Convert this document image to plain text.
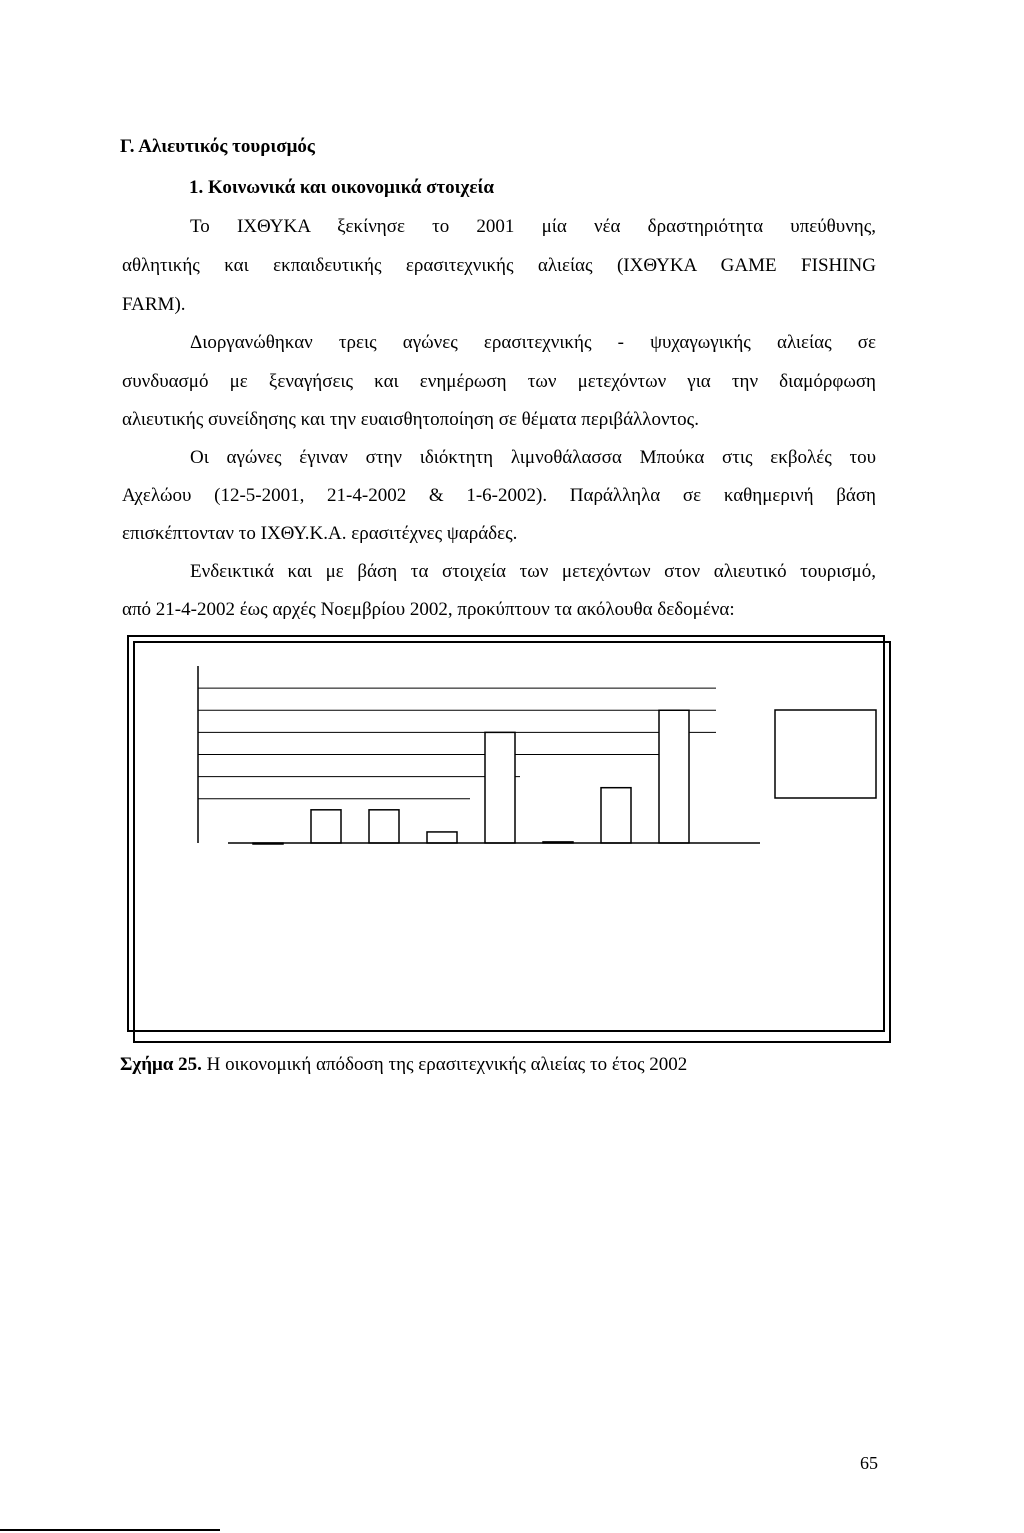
Γ. Αλιευτικός τουρισμός
1. Κοινωνικά και οικονομικά στοιχεία
Το ΙΧΘΥΚΑ ξεκίνησε το 2001 μία νέα δραστηριότητα υπεύθυνης,
αθλητικής και εκπαιδευτικής ερασιτεχνικής αλιείας (ΙΧΘΥΚΑ GAME FISHING
FARM).
Διοργανώθηκαν τρεις αγώνες ερασιτεχνικής - ψυχαγωγικής αλιείας σε
συνδυασμό με ξεναγήσεις και ενημέρωση των μετεχόντων για την διαμόρφωση
αλιευτικής συνείδησης και την ευαισθητοποίηση σε θέματα περιβάλλοντος.
Οι αγώνες έγιναν στην ιδιόκτητη λιμνοθάλασσα Μπούκα στις εκβολές του
Αχελώου (12-5-2001, 21-4-2002 & 1-6-2002). Παράλληλα σε καθημερινή βάση
επισκέπτονταν το ΙΧΘΥ.Κ.Α. ερασιτέχνες ψαράδες.
Ενδεικτικά και με βάση τα στοιχεία των μετεχόντων στον αλιευτικό τουρισμό,
από 21-4-2002 έως αρχές Νοεμβρίου 2002, προκύπτουν τα ακόλουθα δεδομένα:
Σχήμα 25. Η οικονομική απόδοση της ερασιτεχνικής αλιείας το έτος 2002
65
